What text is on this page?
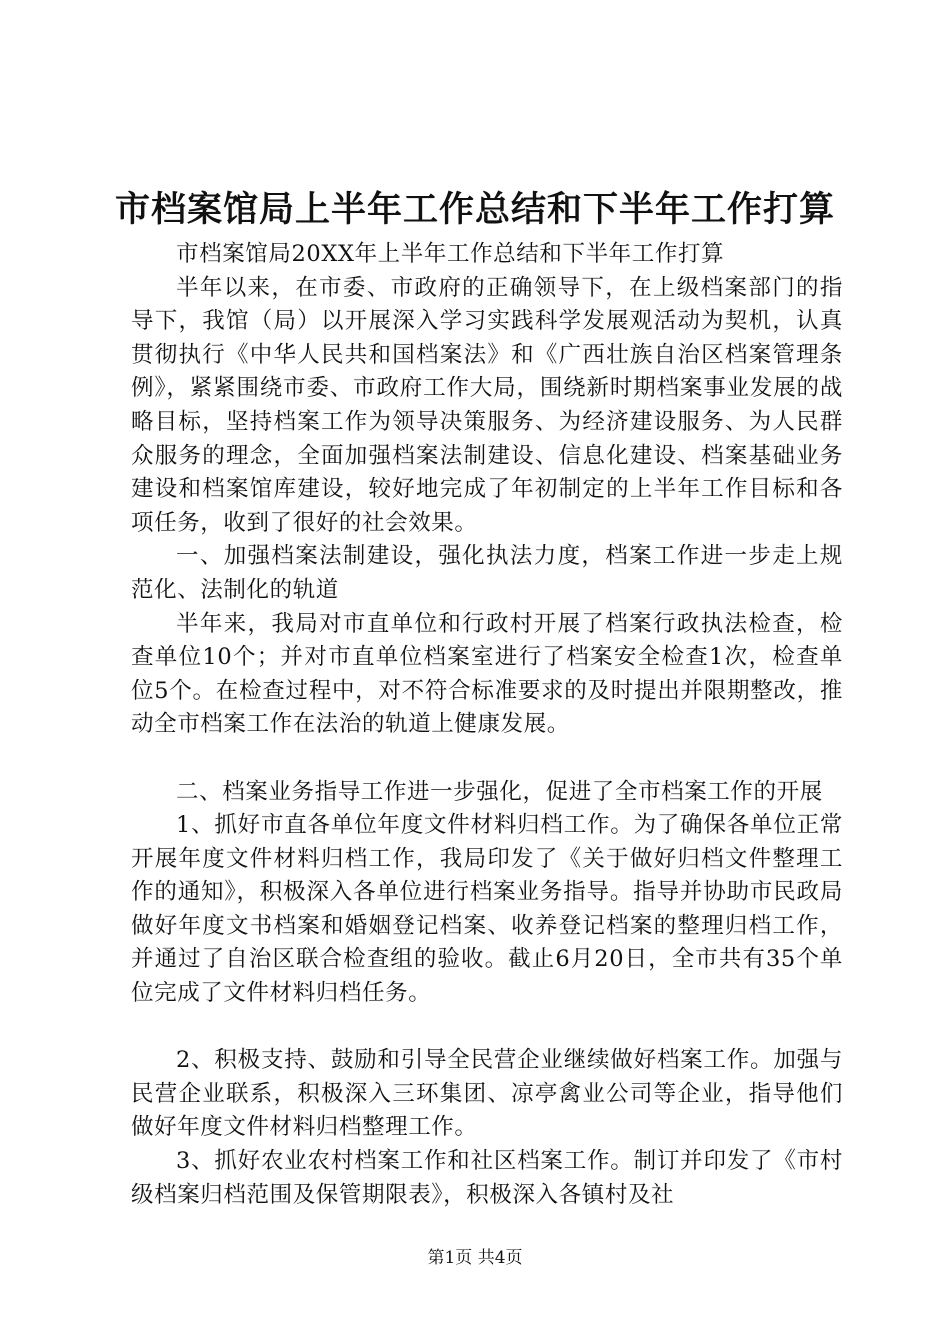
市档案馆局上半年工作总结和下半年工作打算

市档案馆局20XX年上半年工作总结和下半年工作打算

半年以来，在市委、市政府的正确领导下，在上级档案部门的指导下，我馆（局）以开展深入学习实践科学发展观活动为契机，认真贯彻执行《中华人民共和国档案法》和《广西壮族自治区档案管理条例》，紧紧围绕市委、市政府工作大局，围绕新时期档案事业发展的战略目标，坚持档案工作为领导决策服务、为经济建设服务、为人民群众服务的理念，全面加强档案法制建设、信息化建设、档案基础业务建设和档案馆库建设，较好地完成了年初制定的上半年工作目标和各项任务，收到了很好的社会效果。

一、加强档案法制建设，强化执法力度，档案工作进一步走上规范化、法制化的轨道

半年来，我局对市直单位和行政村开展了档案行政执法检查，检查单位10个；并对市直单位档案室进行了档案安全检查1次，检查单位5个。在检查过程中，对不符合标准要求的及时提出并限期整改，推动全市档案工作在法治的轨道上健康发展。

二、档案业务指导工作进一步强化，促进了全市档案工作的开展

1、抓好市直各单位年度文件材料归档工作。为了确保各单位正常开展年度文件材料归档工作，我局印发了《关于做好归档文件整理工作的通知》，积极深入各单位进行档案业务指导。指导并协助市民政局做好年度文书档案和婚姻登记档案、收养登记档案的整理归档工作，并通过了自治区联合检查组的验收。截止6月20日，全市共有35个单位完成了文件材料归档任务。

2、积极支持、鼓励和引导全民营企业继续做好档案工作。加强与民营企业联系，积极深入三环集团、凉亭禽业公司等企业，指导他们做好年度文件材料归档整理工作。

3、抓好农业农村档案工作和社区档案工作。制订并印发了《市村级档案归档范围及保管期限表》，积极深入各镇村及社

第1页 共4页
